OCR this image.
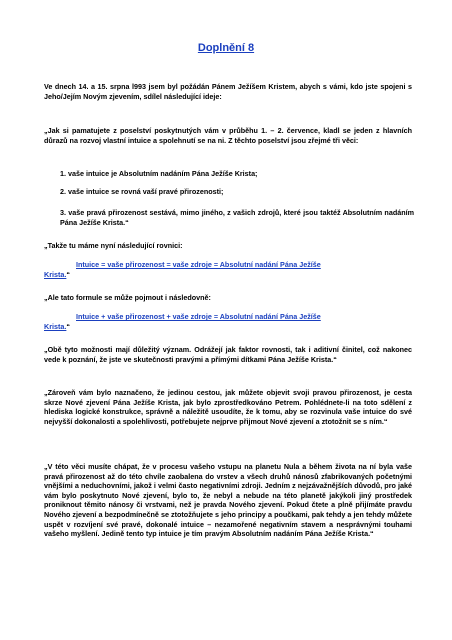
Doplnění 8
Ve dnech 14. a 15. srpna l993 jsem byl požádán Pánem Ježíšem Kristem, abych s vámi, kdo jste spojeni s Jeho/Jejím Novým zjevením, sdílel následující ideje:
„Jak si pamatujete z poselství poskytnutých vám v průběhu 1. – 2. července, kladl se jeden z hlavních důrazů na rozvoj vlastní intuice a spolehnutí se na ni. Z těchto poselství jsou zřejmé tři věci:
1. vaše intuice je Absolutním nadáním Pána Ježíše Krista;
2. vaše intuice se rovná vaší pravé přirozenosti;
3. vaše pravá přirozenost sestává, mimo jiného, z vašich zdrojů, které jsou taktéž Absolutním nadáním Pána Ježíše Krista.“
„Takže tu máme nyní následující rovnici:
Intuice = vaše přirozenost = vaše zdroje = Absolutní nadání Pána Ježíše
Krista.“
„Ale tato formule se může pojmout i následovně:
Intuice + vaše přirozenost + vaše zdroje = Absolutní nadání Pána Ježíše
Krista.“
„Obě tyto možnosti mají důležitý význam. Odrážejí jak faktor rovnosti, tak i aditivní činitel, což nakonec vede k poznání, že jste ve skutečnosti pravými a přímými dítkami Pána Ježíše Krista.“
„Zároveň vám bylo naznačeno, že jedinou cestou, jak můžete objevit svoji pravou přirozenost, je cesta skrze Nové zjevení Pána Ježíše Krista, jak bylo zprostředkováno Petrem. Pohlédnete-li na toto sdělení z hlediska logické konstrukce, správně a náležitě usoudíte, že k tomu, aby se rozvinula vaše intuice do své nejvyšší dokonalosti a spolehlivosti, potřebujete nejprve přijmout Nové zjevení a ztotožnit se s ním.“
„V této věci musíte chápat, že v procesu vašeho vstupu na planetu Nula a během života na ní byla vaše pravá přirozenost až do této chvíle zaobalena do vrstev a všech druhů nánosů zfabrikovaných početnými vnějšími a neduchovními, jakož i velmi často negativními zdroji. Jedním z nejzávažnějších důvodů, pro jaké vám bylo poskytnuto Nové zjevení, bylo to, že nebyl a nebude na této planetě jakýkoli jiný prostředek proniknout těmito nánosy či vrstvami, než je pravda Nového zjevení. Pokud čtete a plně přijímáte pravdu Nového zjevení a bezpodmínečně se ztotožňujete s jeho principy a poučkami, pak tehdy a jen tehdy můžete uspět v rozvíjení své pravé, dokonalé intuice – nezamořené negativním stavem a nesprávnými touhami vašeho myšlení. Jedině tento typ intuice je tím pravým Absolutním nadáním Pána Ježíše Krista.“
